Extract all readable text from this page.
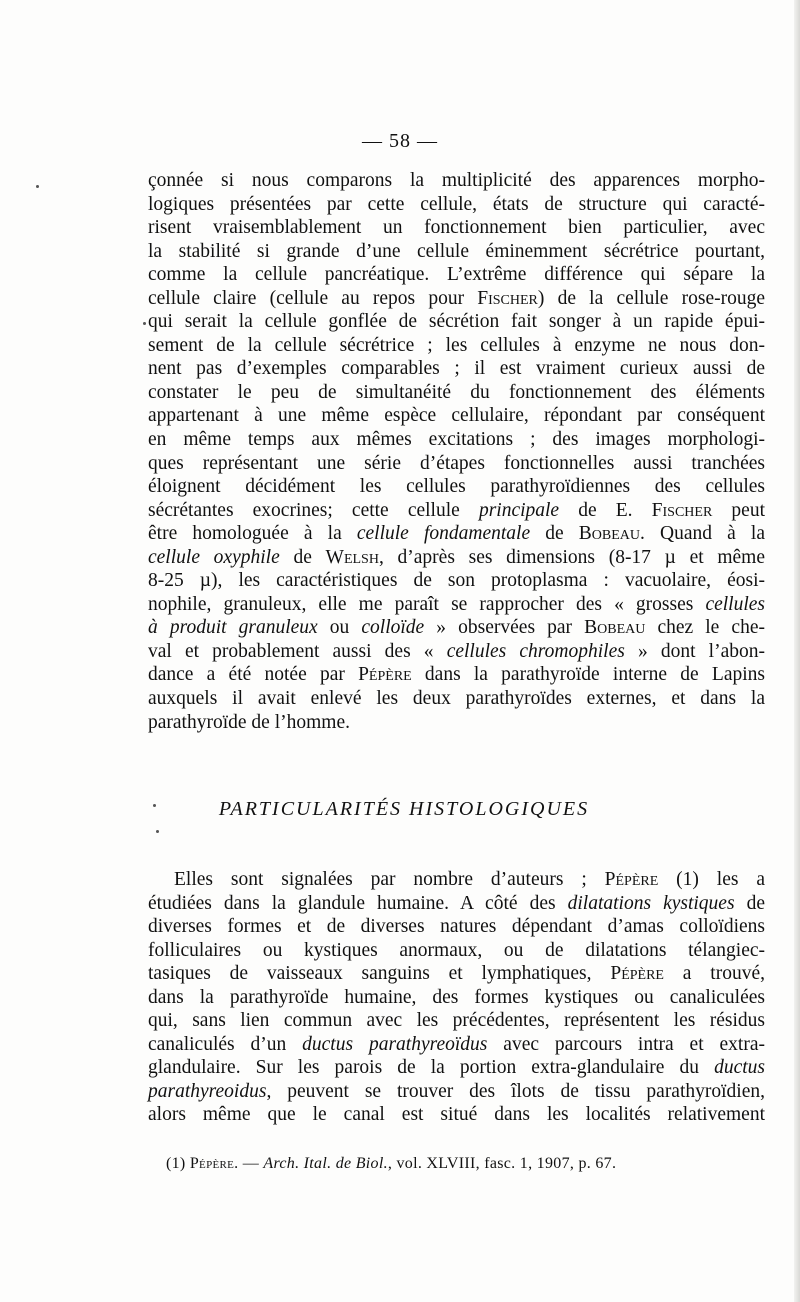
— 58 —
çonnée si nous comparons la multiplicité des apparences morpho-
logiques présentées par cette cellule, états de structure qui caracté-
risent vraisemblablement un fonctionnement bien particulier, avec
la stabilité si grande d’une cellule éminemment sécrétrice pourtant,
comme la cellule pancréatique. L’extrême différence qui sépare la
cellule claire (cellule au repos pour Fischer) de la cellule rose-rouge
qui serait la cellule gonflée de sécrétion fait songer à un rapide épui-
sement de la cellule sécrétrice ; les cellules à enzyme ne nous don-
nent pas d’exemples comparables ; il est vraiment curieux aussi de
constater le peu de simultanéité du fonctionnement des éléments
appartenant à une même espèce cellulaire, répondant par conséquent
en même temps aux mêmes excitations ; des images morphologi-
ques représentant une série d’étapes fonctionnelles aussi tranchées
éloignent décidément les cellules parathyroïdiennes des cellules
sécrétantes exocrines; cette cellule principale de E. Fischer peut
être homologuée à la cellule fondamentale de Bobeau. Quand à la
cellule oxyphile de Welsh, d’après ses dimensions (8-17 µ et même
8-25 µ), les caractéristiques de son protoplasma : vacuolaire, éosi-
nophile, granuleux, elle me paraît se rapprocher des « grosses cellules
à produit granuleux ou colloïde » observées par Bobeau chez le che-
val et probablement aussi des « cellules chromophiles » dont l’abon-
dance a été notée par Pépère dans la parathyroïde interne de Lapins
auxquels il avait enlevé les deux parathyroïdes externes, et dans la
parathyroïde de l’homme.
PARTICULARITÉS HISTOLOGIQUES
Elles sont signalées par nombre d’auteurs ; Pépère (1) les a
étudiées dans la glandule humaine. A côté des dilatations kystiques de
diverses formes et de diverses natures dépendant d’amas colloïdiens
folliculaires ou kystiques anormaux, ou de dilatations télangiec-
tasiques de vaisseaux sanguins et lymphatiques, Pépère a trouvé,
dans la parathyroïde humaine, des formes kystiques ou canaliculées
qui, sans lien commun avec les précédentes, représentent les résidus
canaliculés d’un ductus parathyreoïdus avec parcours intra et extra-
glandulaire. Sur les parois de la portion extra-glandulaire du ductus
parathyreoidus, peuvent se trouver des îlots de tissu parathyroïdien,
alors même que le canal est situé dans les localités relativement
(1) Pépère. — Arch. Ital. de Biol., vol. XLVIII, fasc. 1, 1907, p. 67.
